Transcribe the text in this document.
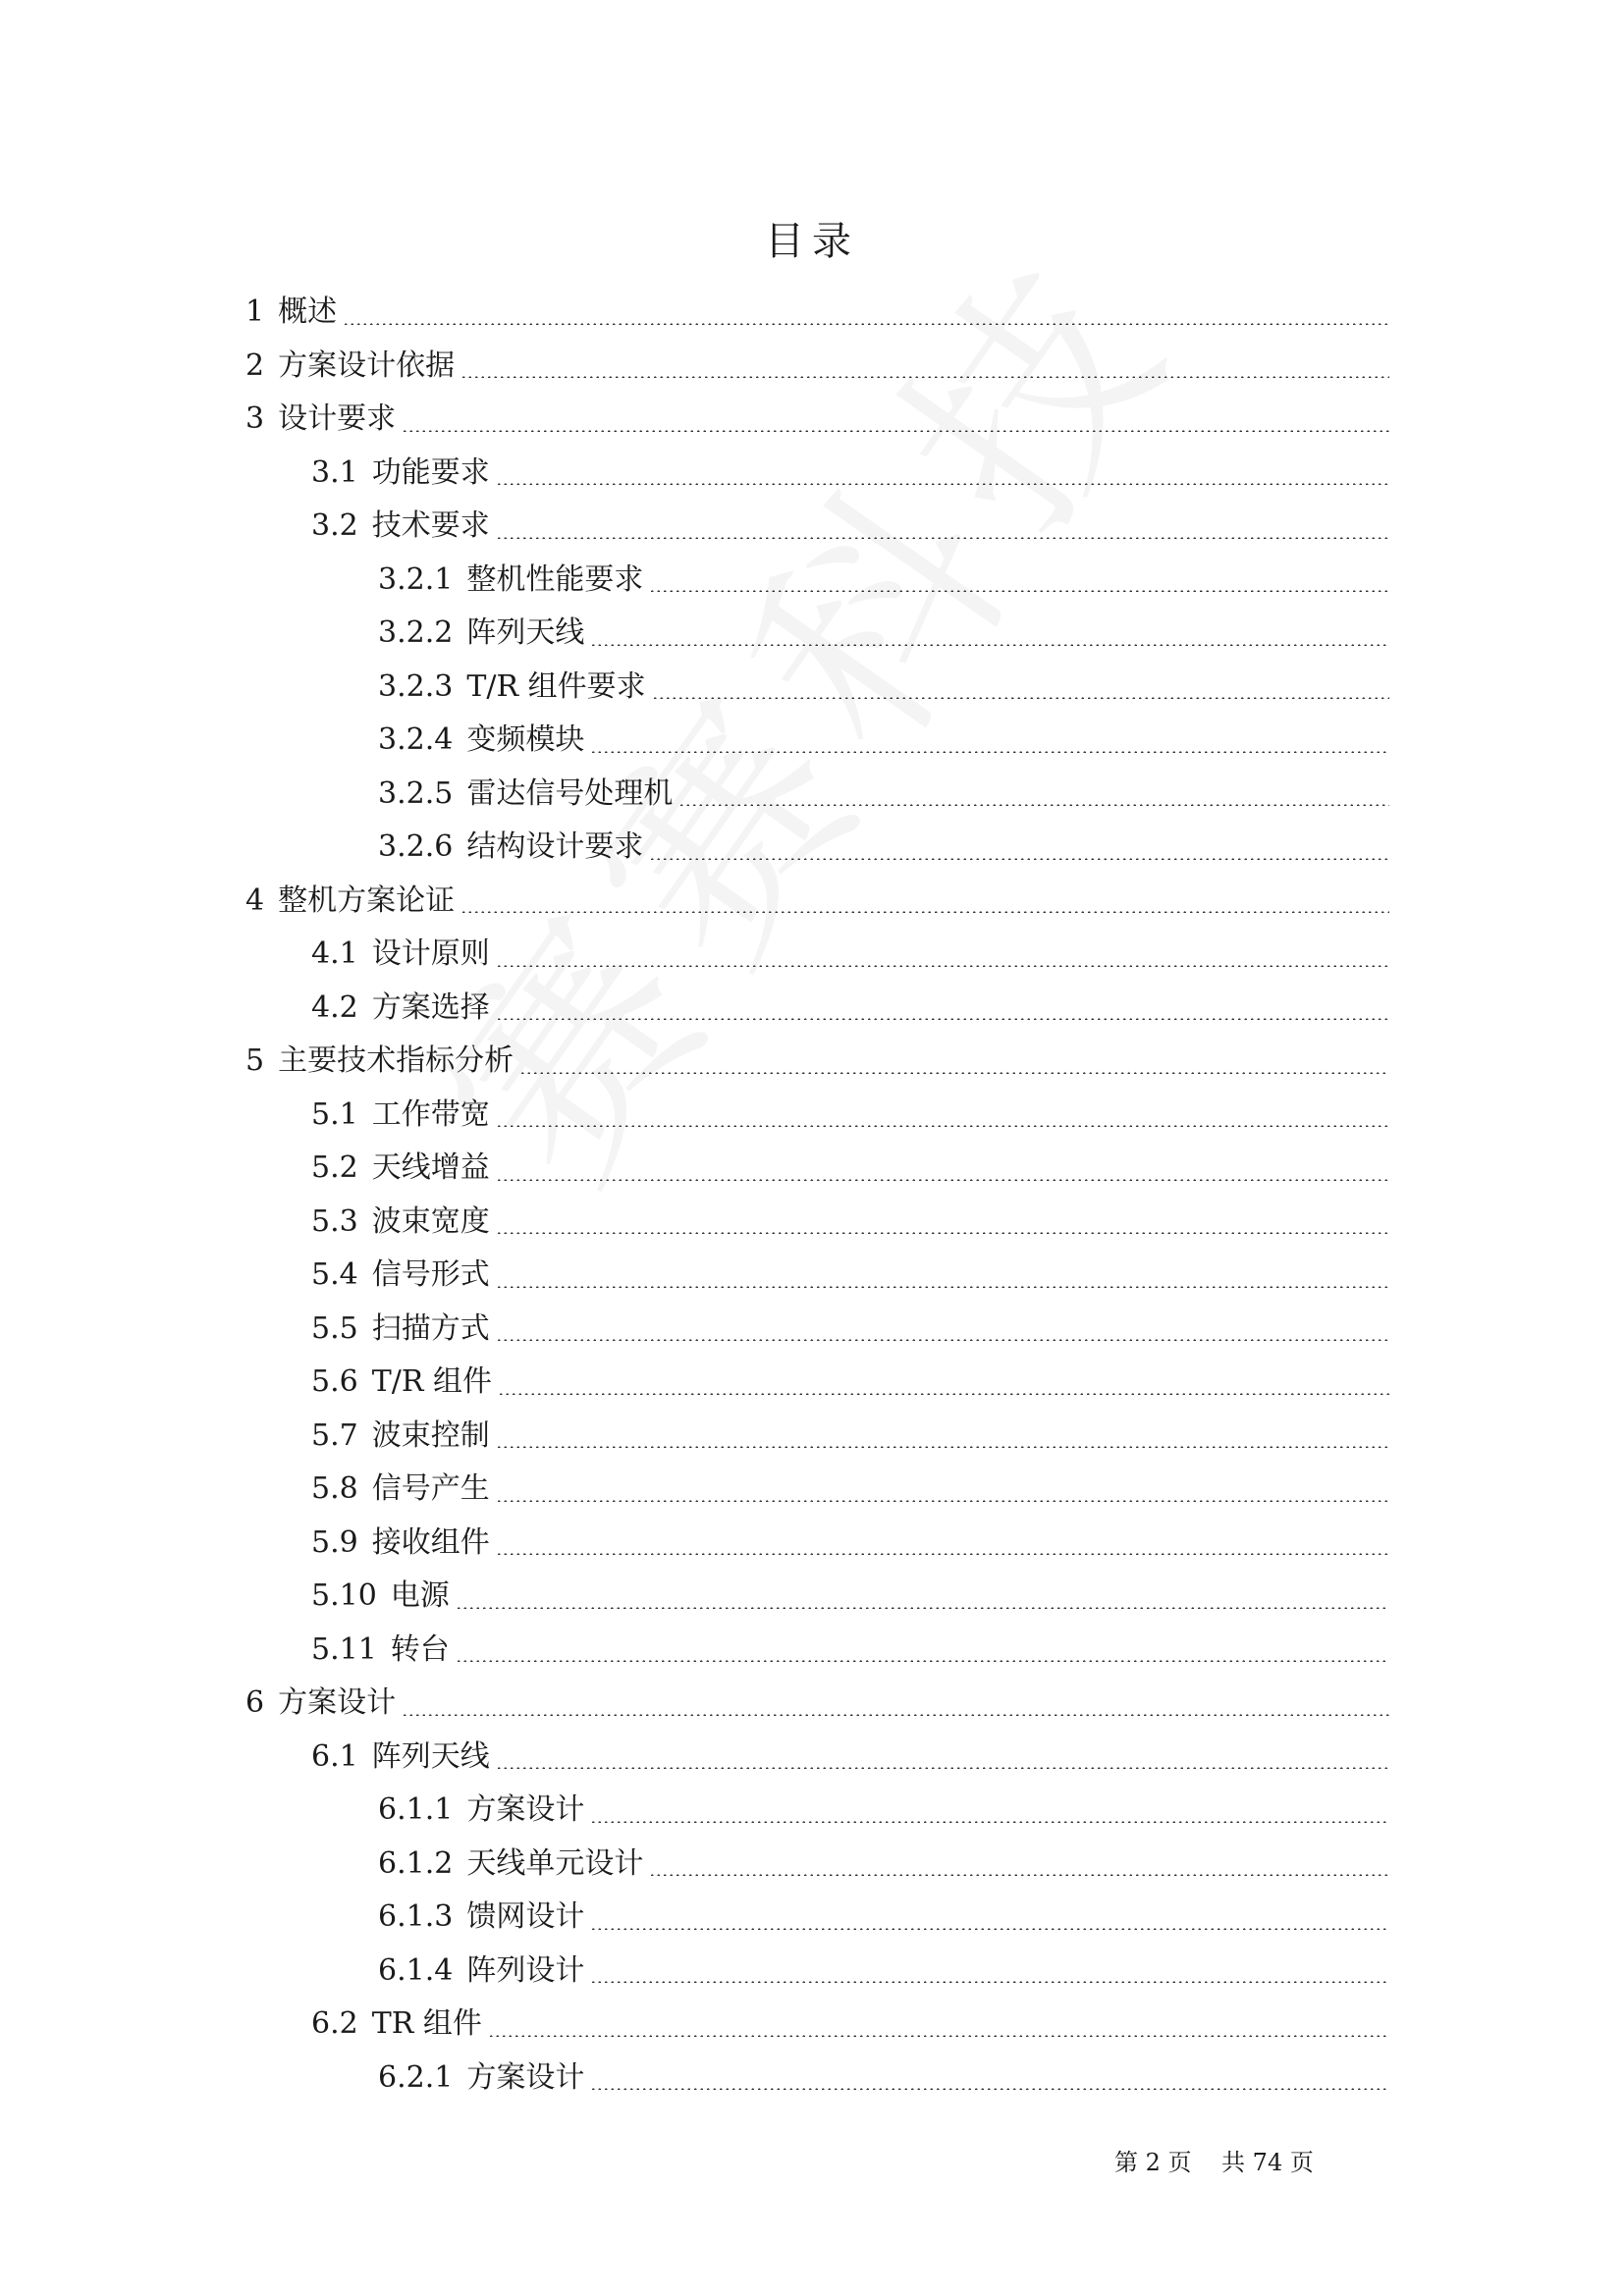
目录
1 概述
2 方案设计依据
3 设计要求
3.1 功能要求
3.2 技术要求
3.2.1 整机性能要求
3.2.2 阵列天线
3.2.3 T/R 组件要求
3.2.4 变频模块
3.2.5 雷达信号处理机
3.2.6 结构设计要求
4 整机方案论证
4.1 设计原则
4.2 方案选择
5 主要技术指标分析
5.1 工作带宽
5.2 天线增益
5.3 波束宽度
5.4 信号形式
5.5 扫描方式
5.6 T/R 组件
5.7 波束控制
5.8 信号产生
5.9 接收组件
5.10 电源
5.11 转台
6 方案设计
6.1 阵列天线
6.1.1 方案设计
6.1.2 天线单元设计
6.1.3 馈网设计
6.1.4 阵列设计
6.2 TR 组件
6.2.1 方案设计
第 2 页    共 74 页
